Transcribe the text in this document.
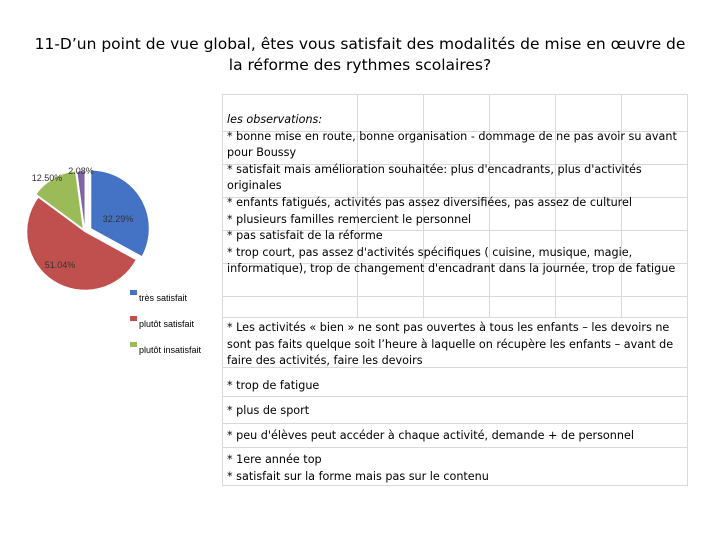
11-D’un point de vue global, êtes vous satisfait des modalités de mise en œuvre de la réforme des rythmes scolaires?
32.29%
51.04%
12.50%
2.08%
très satisfait
plutôt satisfait
plutôt insatisfait
les observations:
* bonne mise en route, bonne organisation - dommage de ne pas avoir su avant pour Boussy
* satisfait mais amélioration souhaitée: plus d'encadrants, plus d'activités originales
* enfants fatigués, activités pas assez diversifiées, pas assez de culturel
* plusieurs familles remercient le personnel
* pas satisfait de la réforme
* trop court, pas assez d'activités spécifiques ( cuisine, musique, magie, informatique), trop de changement d'encadrant dans la journée, trop de fatigue
* Les activités « bien » ne sont pas ouvertes à tous les enfants – les devoirs ne sont pas faits quelque soit l’heure à laquelle on récupère les enfants – avant de faire des activités, faire les devoirs
* trop de fatigue
* plus de sport
* peu d'élèves peut accéder à chaque activité, demande + de personnel
* 1ere année top
* satisfait sur la forme mais pas sur le contenu
